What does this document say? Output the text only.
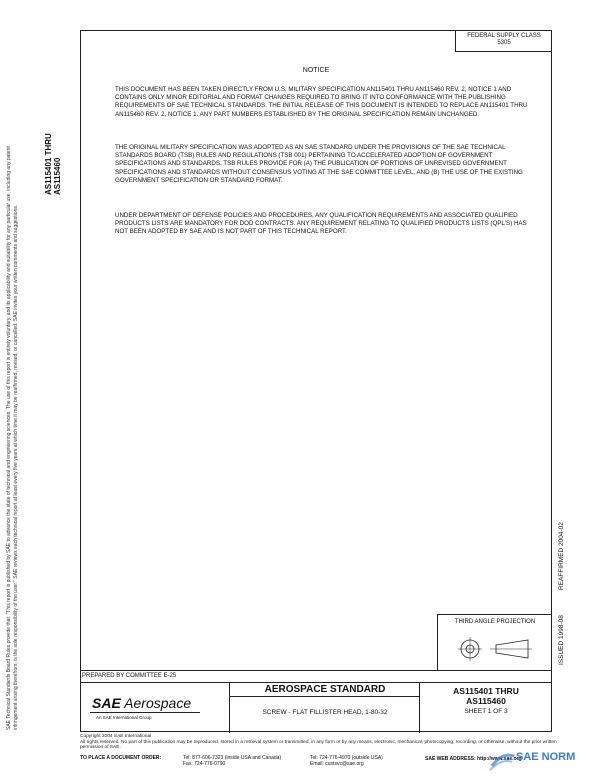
FEDERAL SUPPLY CLASS
5305
AS115401 THRU AS115460
SAE Technical Standards Board Rules provide that: "This report is published by SAE to advance the state of technical and engineering sciences. The use of this report is entirely voluntary, and its applicability and suitability for any particular use, including any patent infringement arising therefrom, is the sole responsibility of the user." SAE reviews each technical report at least every five years at which time it may be reaffirmed, revised, or cancelled. SAE invites your written comments and suggestions.
NOTICE
THIS DOCUMENT HAS BEEN TAKEN DIRECTLY FROM U.S. MILITARY SPECIFICATION AN115401 THRU AN115460 REV. 2, NOTICE 1 AND CONTAINS ONLY MINOR EDITORIAL AND FORMAT CHANGES REQUIRED TO BRING IT INTO CONFORMANCE WITH THE PUBLISHING REQUIREMENTS OF SAE TECHNICAL STANDARDS. THE INITIAL RELEASE OF THIS DOCUMENT IS INTENDED TO REPLACE AN115401 THRU AN115460 REV. 2, NOTICE 1. ANY PART NUMBERS ESTABLISHED BY THE ORIGINAL SPECIFICATION REMAIN UNCHANGED.
THE ORIGINAL MILITARY SPECIFICATION WAS ADOPTED AS AN SAE STANDARD UNDER THE PROVISIONS OF THE SAE TECHNICAL STANDARDS BOARD (TSB) RULES AND REGULATIONS (TSB 001) PERTAINING TO ACCELERATED ADOPTION OF GOVERNMENT SPECIFICATIONS AND STANDARDS. TSB RULES PROVIDE FOR (A) THE PUBLICATION OF PORTIONS OF UNREVISED GOVERNMENT SPECIFICATIONS AND STANDARDS WITHOUT CONSENSUS VOTING AT THE SAE COMMITTEE LEVEL, AND (B) THE USE OF THE EXISTING GOVERNMENT SPECIFICATION OR STANDARD FORMAT.
UNDER DEPARTMENT OF DEFENSE POLICIES AND PROCEDURES, ANY QUALIFICATION REQUIREMENTS AND ASSOCIATED QUALIFIED PRODUCTS LISTS ARE MANDATORY FOR DOD CONTRACTS. ANY REQUIREMENT RELATING TO QUALIFIED PRODUCTS LISTS (QPL'S) HAS NOT BEEN ADOPTED BY SAE AND IS NOT PART OF THIS TECHNICAL REPORT.
REAFFIRMED 2004-02
ISSUED 1998-08
THIRD ANGLE PROJECTION
PREPARED BY COMMITTEE E-25
SAE Aerospace
An SAE International Group
AEROSPACE STANDARD
SCREW - FLAT FILLISTER HEAD, 1-80-32
AS115401 THRU
AS115460
SHEET 1 OF 3
Copyright 2004 SAE International
All rights reserved. No part of this publication may be reproduced, stored in a retrieval system or transmitted, in any form or by any means, electronic, mechanical, photocopying, recording, or otherwise, without the prior written permission of SAE.
TO PLACE A DOCUMENT ORDER:	Tel: 877-606-7323 (inside USA and Canada)
Fax: 724-776-0790
Tel: 724-776-4970 (outside USA)
Email: custsvc@sae.org
SAE WEB ADDRESS: http://www.sae.org
SAE NORM
